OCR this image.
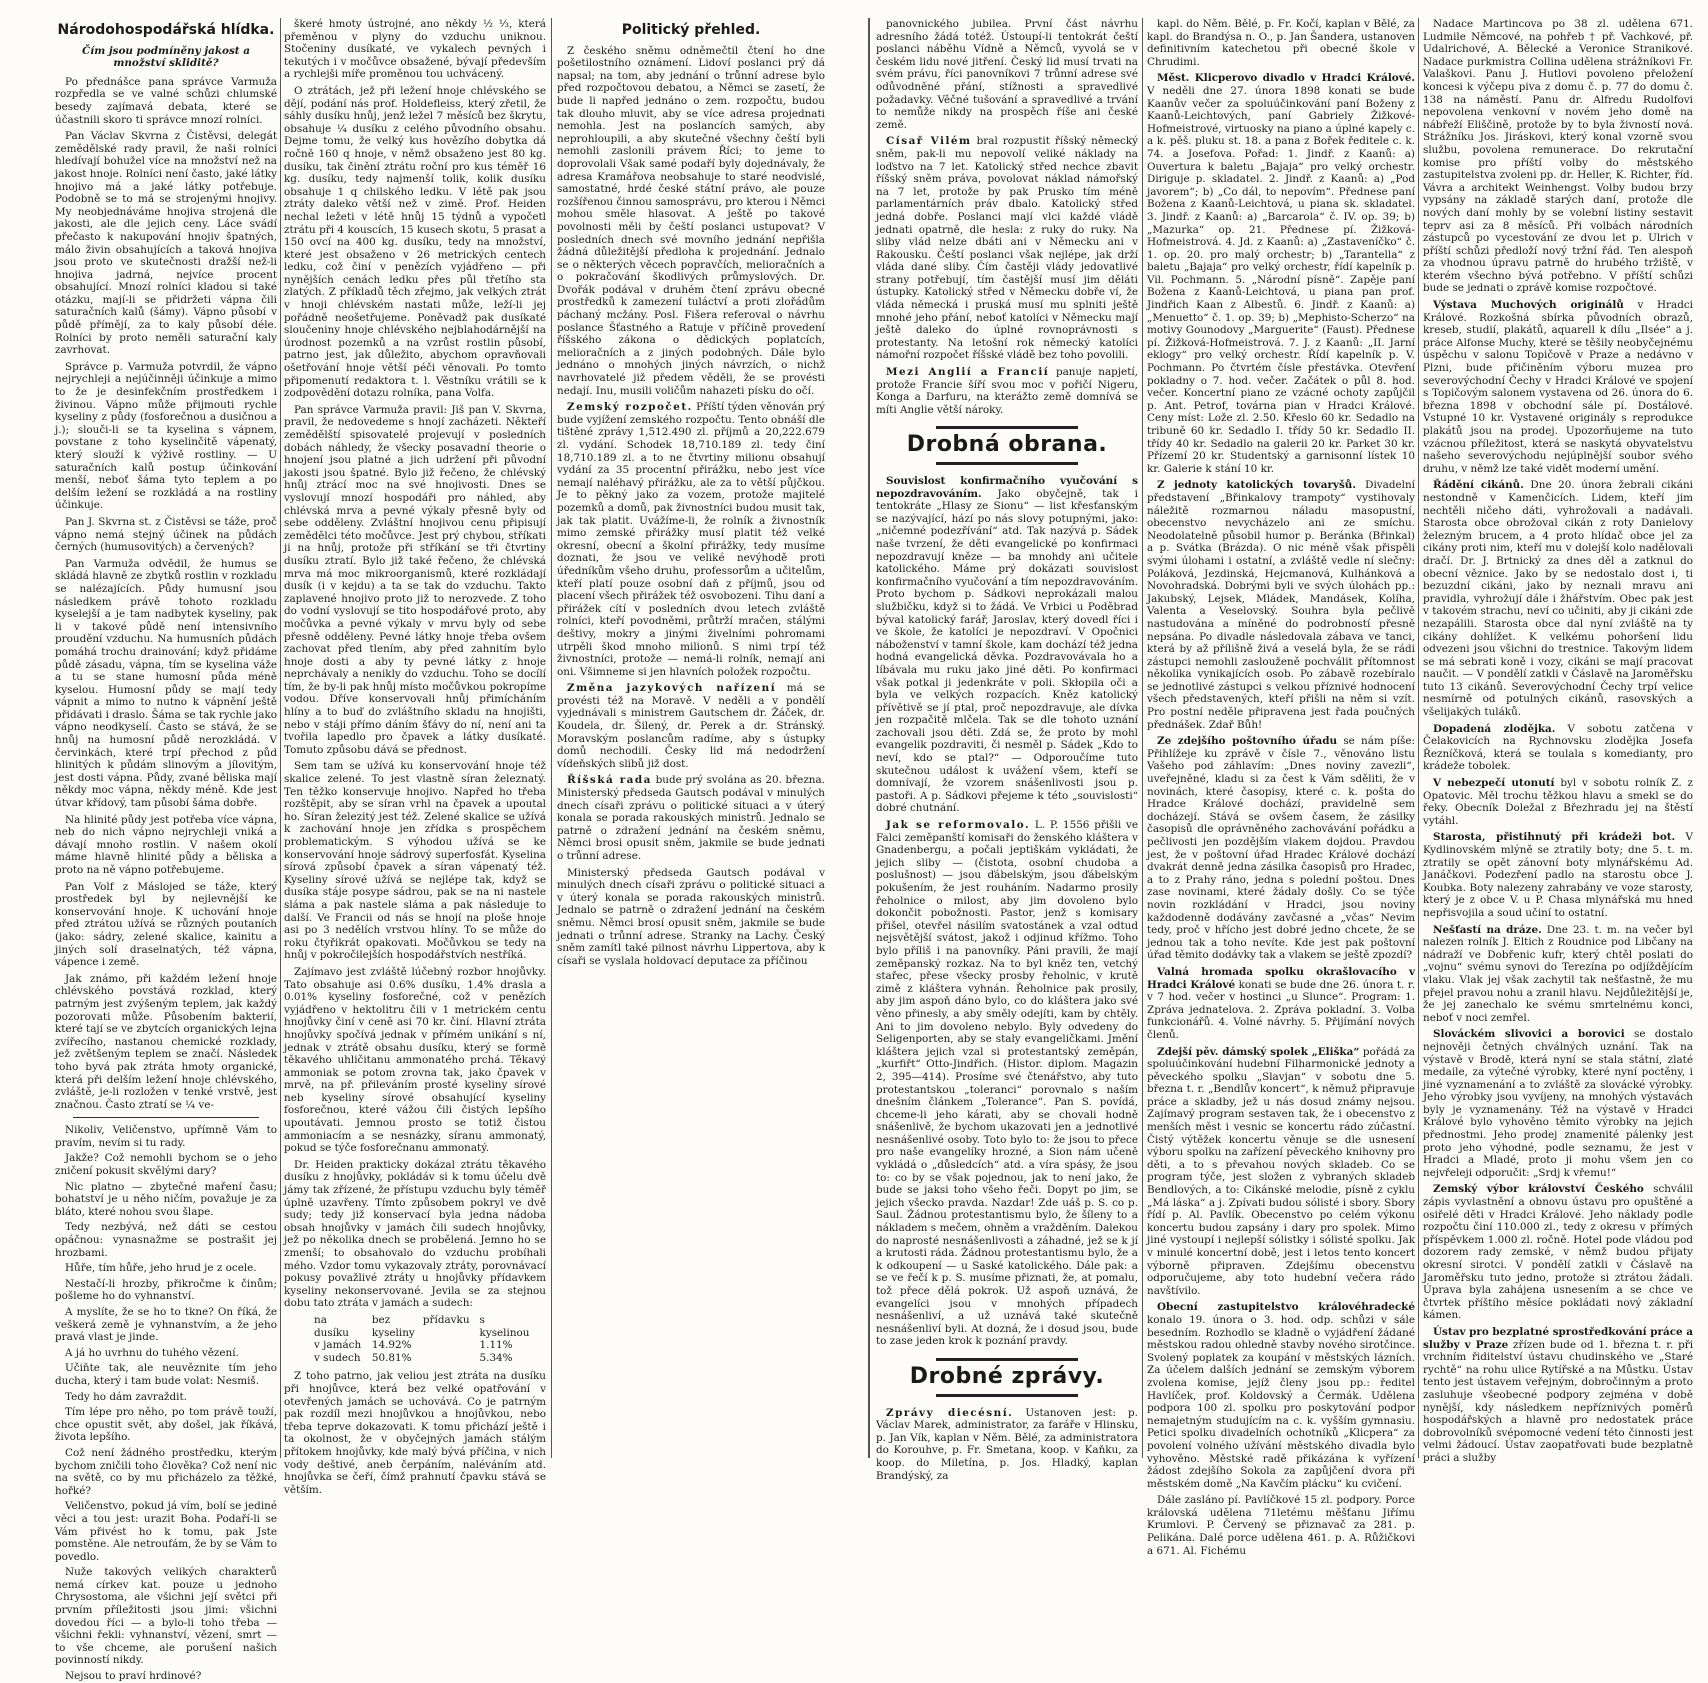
Národohospodářská hlídka.
Čím jsou podmíněny jakost a množství skliditě?

Po přednášce pana správce Varmuža rozpředla se ve valné schůzi chlumské besedy zajímavá debata, které se účastnili skoro ti správce mnozí rolníci.

Pan Václav Skvrna z Čistěvsi, delegát zemědělské rady pravil, že naši rolníci hledívají bohužel více na množství než na jakost hnoje. Rolníci není často, jaké látky hnojivo má a jaké látky potřebuje. Podobně se to má se strojenými hnojivy. My neobjednáváme hnojiva strojená dle jakosti, ale dle jejich ceny. Láce svádí přečasto k nakupování hnojiv špatných, málo živin obsahujících a taková hnojiva jsou proto ve skutečnosti dražší než-li hnojiva jadrná, nejvíce procent obsahující. Mnozí rolníci kladou si také otázku, mají-li se přidržeti vápna čili saturačních kalů (šámy). Vápno působí v půdě přímějí, za to kaly působí déle. Rolníci by proto neměli saturační kaly zavrhovat.

Správce p. Varmuža potvrdil, že vápno nejrychleji a nejúčinněji účinkuje a mimo to že je desinfekčním prostředkem i živinou. Vápno může přijmouti rychle kyseliny z půdy (fosforečnou a dusičnou a j.); slouči-li se ta kyselina s vápnem, povstane z toho kyselinčitě vápenatý, který slouží k výživě rostliny. — U saturačních kalů postup účinkování menší, neboť šáma tyto teplem a po delším ležení se rozkládá a na rostliny účinkuje.

Pan J. Skvrna st. z Čistěvsi se táže, proč vápno nemá stejný účinek na půdách černých (humusovitých) a červených?

Pan Varmuža odvědil, že humus se skládá hlavně ze zbytků rostlin v rozkladu se nalézajících. Půdy humusní jsou následkem právě tohoto rozkladu kyselejší a je tam nadbytek kyseliny, pak li v takové půdě není intensivního proudění vzduchu. Na humusních půdách pomáhá trochu drainování; když přidáme půdě zásadu, vápna, tím se kyselina váže a tu se stane humosní půda méně kyselou. Humosní půdy se mají tedy vápnit a mimo to nutno k vápnění ještě přidávati i draslo. Šáma se tak rychle jako vápno neodkyselí. Často se stává, že se hnůj na humosní půdě nerozkládá. V červinkách, které trpí přechod z půd hlinitých k půdám slinovým a jílovitým, jest dosti vápna. Půdy, zvané běliska mají někdy moc vápna, někdy méně. Kde jest útvar křídový, tam působí šáma dobře.

Na hlinité půdy jest potřeba více vápna, neb do nich vápno nejrychleji vniká a dávají mnoho rostlin. V našem okolí máme hlavně hlinité půdy a běliska a proto na ně vápno potřebujeme.

Pan Volf z Máslojed se táže, který prostředek byl by nejlevnější ke konservování hnoje. K uchování hnoje před ztrátou užívá se různých poutaních (jako: sádry, zelené skalice, kainitu a jiných solí draselnatých, též vápna, vápence i země.

Jak známo, při každém ležení hnoje chlévského povstává rozklad, který patrným jest zvýšeným teplem, jak každý pozorovati může. Působením bakterií, které tají se ve zbytcích organických lejna zvířecího, nastanou chemické rozklady, jež zvětšeným teplem se značí. Následek toho byvá pak ztráta hmoty organické, která při delším ležení hnoje chlévského, zvláště, je-li rozložen v tenké vrstvě, jest značnou. Často ztratí se ¼ ve-

Nikoliv, Veličenstvo, upřímně Vám to pravím, nevím si tu rady.

Jakže? Což nemohli bychom se o jeho zničení pokusit skvělými dary?

Nic platno — zbytečné maření času; bohatství je u něho ničím, považuje je za bláto, které nohou svou šlape.

Tedy nezbývá, než dáti se cestou opáčnou: vynasnažme se postrašit jej hrozbami.

Hůře, tím hůře, jeho hrud je z ocele.

Nestačí-li hrozby, přikročme k činům; pošleme ho do vyhnanství.

A myslíte, že se ho to tkne? On říká, že veškerá země je vyhnanstvím, a že jeho pravá vlast je jinde.

A já ho uvrhnu do tuhého vězení.

Učiňte tak, ale neuvěznite tím jeho ducha, který i tam bude volat: Nesmiš.

Tedy ho dám zavraždit.

Tím lépe pro něho, po tom právě touží, chce opustit svět, aby došel, jak říkává, života lepšího.

Což není žádného prostředku, kterým bychom zničili toho člověka? Což není nic na světě, co by mu přicházelo za těžké, hořké?

Veličenstvo, pokud já vím, bolí se jediné věci a tou jest: urazit Boha. Podaří-li se Vám přivést ho k tomu, pak Jste pomstěne. Ale netroufám, že by se Vám to povedlo.

Nuže takových velikých charakterů nemá církev kat. pouze u jednoho Chrysostoma, ale všichni její světci při prvním příležitosti jsou jimi: všichni dovedou říci — a bylo-li toho třeba — všichni řekli: vyhnanství, vězení, smrt — to vše chceme, ale porušení našich povinností nikdy.

Nejsou to praví hrdinové?

škeré hmoty ústrojné, ano někdy ½ ⅓, která přeměnou v plyny do vzduchu uniknou. Stočeniny dusíkaté, ve vykalech pevných i tekutých i v močůvce obsažené, bývají především a rychlejši míře proměnou tou uchvácený.

O ztrátách, jež při ležení hnoje chlévského se dějí, podání nás prof. Holdefleiss, který zřetil, že sáhly dusíku hnůj, jenž ležel 7 měsíců bez škrytu, obsahuje ¼ dusíku z celého původního obsahu. Dejme tomu, že velký kus hovězího dobytka dá ročně 160 q hnoje, v němž obsaženo jest 80 kg. dusíku, tak činění ztrátu roční pro kus téměř 16 kg. dusíku, tedy najmenší tolik, kolik dusíku obsahuje 1 q chilského ledku. V létě pak jsou ztráty daleko větší než v zimě. Prof. Heiden nechal ležeti v létě hnůj 15 týdnů a vypočetl ztrátu při 4 kouscích, 15 kusech skotu, 5 prasat a 150 ovcí na 400 kg. dusíku, tedy na množství, které jest obsaženo v 26 metrických centech ledku, což činí v penězích vyjádřeno — při nynějších cenách ledku přes půl třetího sta zlatých. Z příkladů těch zřejmo, jak velkých ztrát v hnoji chlévském nastati může, leží-li jej pořádně neošetřujeme. Poněvadž pak dusíkaté sloučeniny hnoje chlévského nejblahodárnější na úrodnost pozemků a na vzrůst rostlin působí, patrno jest, jak důležito, abychom opravňovali ošetřování hnoje větší péči věnovali. Po tomto připomenutí redaktora t. l. Věstníku vrátili se k zodpovědění dotazu rolníka, pana Volfa.

Pan správce Varmuža pravil: Jiš pan V. Skvrna, pravil, že nedovedeme s hnojí zacházeti. Někteří zemědělští spisovatelé projevují v posledních dobách náhledy, že všecky posavadní theorie o hnojení jsou platné a jich udržení při původní jakosti jsou špatné. Bylo již řečeno, že chlévský hnůj ztrácí moc na své hnojivosti. Dnes se vyslovují mnozí hospodáři pro náhled, aby chlévská mrva a pevné výkaly přesně byly od sebe odděleny. Zvláštní hnojivou cenu připisují zemědělci této močůvce. Jest prý chybou, stříkati ji na hnůj, protože při stříkání se tři čtvrtiny dusíku ztratí. Bylo již také řečeno, že chlévská mrva má moc mikroorganismů, které rozkládají dusík (i v kejdu) a ta se tak do vzduchu. Takto zaplavené hnojivo proto již to nerozvede. Z toho do vodní vyslovují se tito hospodářové proto, aby močůvka a pevné výkaly v mrvu byly od sebe přesně odděleny. Pevné látky hnoje třeba ovšem zachovat před tlením, aby před zahnitím bylo hnoje dosti a aby ty pevné látky z hnoje neprchávaly a nenikly do vzduchu. Toho se docílí tím, že by-li pak hnůj místo močůvkou pokropíme vodou. Dříve konservovali hnůj přimícháním hlíny a to buď do zvláštního skladu na hnojišti, nebo v stáji přímo dáním šťávy do ní, není ani ta tvořila lapedlo pro čpavek a látky dusíkaté. Tomuto způsobu dává se přednost.

Sem tam se užívá ku konservování hnoje též skalice zelené. To jest vlastně síran železnatý. Ten těžko konservuje hnojivo. Napřed ho třeba rozštěpit, aby se síran vrhl na čpavek a upoutal ho. Síran železitý jest též. Zelené skalice se užívá k zachování hnoje jen zřídka s prospěchem problematickým. S výhodou užívá se ke konservování hnoje sádrový superfosfát. Kyselina sírová způsobí čpavek a síran vápenatý též. Kyseliny sírové užívá se nejlépe tak, když se dusíka stáje posype sádrou, pak se na ni nastele sláma a pak nastele sláma a pak následuje to další. Ve Francii od nás se hnojí na ploše hnoje asi po 3 nedělích vrstvou hlíny. To se může do roku čtyřikrát opakovati. Močůvkou se tedy na hnůj v pokročilejších hospodářstvích nestříká.

Zajímavo jest zvláště lúčebný rozbor hnojůvky. Tato obsahuje asi 0.6% dusíku, 1.4% drasla a 0.01% kyseliny fosforečné, což v penězích vyjádřeno v hektolitru čili v 1 metrickém centu hnojůvky činí v ceně asi 70 kr. činí. Hlavní ztráta hnojůvky spočívá jednak v přímém unikání s ní, jednak v ztrátě obsahu dusíku, který se formě těkavého uhličitanu ammonatého prchá. Těkavý ammoniak se potom zrovna tak, jako čpavek v mrvě, na př. přileváním prosté kyseliny sírové neb kyseliny sírové obsahující kyseliny fosforečnou, které vážou čili čistých lepšího upoutávati. Jemnou prosto se totiž čistou ammoniacím a se nesnázky, síranu ammonatý, pokud se týče fosforečnanu ammonatý.

Dr. Heiden prakticky dokázal ztrátu těkavého dusíku z hnojůvky, pokládáv si k tomu účelu dvě jámy tak zřízené, že přístupu vzduchu byly téměř úplně uzavřeny. Tímto způsobem pokryl ve dvě sudy; tedy již konservací byla jedna nádoba obsah hnojůvky v jamách čili sudech hnojůvky, jež po několika dnech se probělená. Jemno ho se zmenší; to obsahovalo do vzduchu probíhali mého. Vzdor tomu vykazovaly ztráty, porovnávací pokusy považlivé ztráty u hnojůvky přídavkem kyseliny nekonservované. Jevila se za stejnou dobu tato ztráta v jamách a sudech:

na dusíku	bez přídavku kyseliny	s kyselinou
v jamách	14.92%	1.11%
v sudech	50.81%	5.34%

Z toho patrno, jak veliou jest ztráta na dusíku při hnojůvce, která bez velké opatřování v otevřených jamách se uchovává. Co je patrným pak rozdíl mezi hnojůvkou a hnojůvkou, nebo třeba teprve dokazovati. K tomu přichází ještě i ta okolnost, že v obyčejných jamách stálým přítokem hnojůvky, kde malý bývá příčina, v nich vody deštivé, aneb čerpáním, naléváním atd. hnojůvka se čeří, čímž prahnutí čpavku stává se větším.

Politický přehled.

Z českého sněmu odněmečtil čtení ho dne pošetilostního oznámení. Lidoví poslanci prý dá napsal; na tom, aby jednání o trůnní adrese bylo před rozpočtovou debatou, a Němci se zasetí, že bude li napřed jednáno o zem. rozpočtu, budou tak dlouho mluvit, aby se více adresa projednati nemohla. Jest na poslancích samých, aby neprohloupili, a aby skutečné všechny čeští byli nemohli zaslonili právem Říci; to jeme to doprovolali Však samé podaří byly dojednávaly, že adresa Kramářova neobsahuje to staré neodvislé, samostatné, hrdé české státní právo, ale pouze rozšířenou činnou samosprávu, pro kterou i Němci mohou směle hlasovat. A ještě po takové povolnosti měli by čeští poslanci ustupovat? V posledních dnech své movního jednání nepřišla žádná důležitější předloha k projednání. Jednalo se o některých věcech popravčích, melioračních a o pokračování škodlivých průmyslových. Dr. Dvořák podával v druhém čtení zprávu obecné prostředků k zamezení tuláctví a proti zlořádům páchaný mcžány. Posl. Fišera referoval o návrhu poslance Šťastného a Ratuje v příčině provedení říšského zákona o dědických poplatcích, melioračních a z jiných podobných. Dále bylo jednáno o mnohých jiných návrzích, o nichž navrhovatelé již předem věděli, že se provésti nedají. Inu, musili voličům nahazeti písku do očí.

Zemský rozpočet. Příští týden věnován prý bude vyjížení zemského rozpočtu. Tento obnáší dle tištěné zprávy 1,512.490 zl. příjmů a 20,222.679 zl. vydání. Schodek 18,710.189 zl. tedy činí 18,710.189 zl. a to ne čtvrtiny milionu obsahují vydání za 35 procentní přirážku, nebo jest více nemají naléhavý přirážku, ale za to větší půjčkou. Je to pěkný jako za vozem, protože majitelé pozemků a domů, pak živnostníci budou musit tak, jak tak platit. Uvážíme-li, že rolník a živnostník mimo zemské přirážky musí platit též velké okresní, obecní a školní přirážky, tedy musíme doznati, že jsou ve veliké nevýhodě proti úředníkům všeho druhu, professorům a učitelům, kteří platí pouze osobní daň z příjmů, jsou od placení všech přirážek též osvobozeni. Tihu daní a přirážek cítí v posledních dvou letech zvláště rolníci, kteří povodněmi, průtrží mračen, stálými deštivy, mokry a jinými živelními pohromami utrpěli škod mnoho milionů. S nimi trpí též živnostníci, protože — nemá-li rolník, nemají ani oni. Všimneme si jen hlavních položek rozpočtu.

Změna jazykových nařízení má se provésti též na Moravě. V neděli a v pondělí vyjednávali s ministrem Gautschem dr. Žáček, dr. Koudela, dr. Šilený, dr. Perek a dr. Stránský. Moravským poslancům radíme, aby s ústupky domů nechodili. Česky lid má nedodržení vídeňských slibů již dost.

Říšská rada bude prý svolána as 20. března. Ministerský předseda Gautsch podával v minulých dnech císaři zprávu o politické situaci a v úterý konala se porada rakouských ministrů. Jednalo se patrně o zdražení jednání na českém sněmu, Němci brosi opusit sněm, jakmile se bude jednati o trůnní adrese.

Ministerský předseda Gautsch podával v minulých dnech císaři zprávu o politické situaci a v úterý konala se porada rakouských ministrů. Jednalo se patrně o zdražení jednání na českém sněmu. Němci brosí opusit sněm, jakmile se bude jednati o trůnní adrese. Stranky na Lachy. Český sněm zamítl také pilnost návrhu Lippertova, aby k císaři se vyslala holdovací deputace za příčinou

panovnického jubilea. První část návrhu adresního žádá totéž. Ústoupí-li tentokrát čeští poslanci náběhu Vídně a Němců, vyvolá se v českém lidu nové jitření. Český lid musí trvati na svém právu, říci panovníkovi 7 trůnní adrese své odůvodněné přání, stížnosti a spravedlivé požadavky. Věčné tušování a spravedlivé a trvání to nemůže nikdy na prospěch říše ani české země.

Císař Vilém bral rozpustit říšský německý sněm, pak-li mu nepovolí veliké náklady na loďstvo na 7 let. Katolický střed nechce zbavit říšský sněm práva, povolovat náklad námořský na 7 let, protože by pak Prusko tím méně parlamentárních práv dbalo. Katolický střed jedná dobře. Poslanci mají vlci každé vládě jednati opatrně, dle hesla: z ruky do ruky. Na sliby vlád nelze dbáti ani v Německu ani v Rakousku. Čeští poslanci však nejlépe, jak drží vláda dané sliby. Čím častěji vlády jedovatlivé strany potřebují, tím častější musí jim děláti ústupky. Katolický střed v Německu dobře ví, že vláda německá i pruská musí mu splniti ještě mnohé jeho přání, neboť katolíci v Německu mají ještě daleko do úplné rovnoprávnosti s protestanty. Na letošní rok německý katolíci námořní rozpočet říšské vládě bez toho povolili.

Mezi Anglií a Francií panuje napjetí, protože Francie šíří svou moc v pořičí Nigeru, Konga a Darfuru, na kterážto země domnívá se míti Anglie větší nároky.

Drobná obrana.

Souvislost konfirmačního vyučování s nepozdravováním. Jako obyčejně, tak i tentokráte „Hlasy ze Sionu“ — list křesťanským se nazývající, hází po nás slovy potupnými, jako: „ničemné podezřívání“ atd. Tak nazývá p. Sádek naše tvrzení, že děti evangelické po konfirmaci nepozdravují kněze — ba mnohdy ani učitele katolického. Máme prý dokázati souvislost konfirmačního vyučování a tím nepozdravováním. Proto bychom p. Sádkovi neprokázali malou službičku, když si to žádá. Ve Vrbici u Poděbrad býval katolický farář, Jaroslav, který dovedl říci i ve škole, že katolíci je nepozdraví. V Opočnici náboženství v tamní škole, kam dochází též jedna hodná evangelická děvka. Pozdravovávala ho a líbávala mu ruku jako jiné děti. Po konfirmaci však potkal ji jedenkráte v poli. Skłopila oči a byla ve velkých rozpacích. Kněz katolický přívětivě se jí ptal, proč nepozdravuje, ale dívka jen rozpačitě mlčela. Tak se dle tohoto uznání zachovali jsou děti. Zdá se, že proto by mohl evangelik pozdraviti, či nesměl p. Sádek „Kdo to neví, kdo se ptal?“ — Odporoučíme tuto skutečnou událost k uvážení všem, kteří se domnívají, že vzorem snášenlivosti jsou p. pastoři. A p. Sádkovi přejeme k této „souvislosti“ dobré chutnání.

Jak se reformovalo. L. P. 1556 přišli ve Falci zeměpanští komisaři do ženského kláštera v Gnadenbergu, a počali jeptiškám vykládati, že jejich sliby — (čistota, osobní chudoba a poslušnost) — jsou ďábelským, jsou ďábelským pokušením, že jest rouháním. Nadarmo prosily řeholnice o milost, aby jim dovoleno bylo dokončit pobožnosti. Pastor, jenž s komisary přišel, otevřel násilím svatostánek a vzal odtud nejsvětější svátost, jakož i odjinud křížmo. Toho bylo příliš i na panovníky. Páni pravili, že mají zeměpanský rozkaz. Na to byl kněz ten, vetchý stařec, přese všecky prosby řeholnic, v krutě zimě z kláštera vyhnán. Řeholnice pak prosily, aby jim aspoň dáno bylo, co do kláštera jako své věno přinesly, a aby směly odejíti, kam by chtěly. Ani to jim dovoleno nebylo. Byly odvedeny do Seligenporten, aby se staly evangeličkami. Jmění kláštera jejich vzal si protestantský zeměpán, „kurfiřt“ Otto-Jindřich. (Histor. diplom. Magazin 2, 395—414). Prosíme své čtenářstvo, aby tuto protestantskou „toleranci“ porovnalo s naším dnešním článkem „Tolerance“. Pan S. povídá, chceme-li jeho kárati, aby se chovali hodně snášenlivě, že bychom ukazovati jen a jednotlivé nesnášenlivé osoby. Toto bylo to: že jsou to přece pro naše evangelíky hrozné, a Sion nám učeně vykládá o „důsledcích“ atd. a víra spásy, že jsou to: co by se však pojednou, jak to není jako, že bude se jaksi toho všeho řeči. Dopyt po jim, se jejich všecko pravda. Nazdar! Zde uáš p. S. co p. Saul. Žádnou protestantismu bylo, že šíleny to a nákladem s mečem, ohněm a vražděním. Dalekou do naprosté nesnášenlivosti a záhadné, jež se k jí a krutosti ráda. Žádnou protestantismu bylo, že a k odkoupení — u Saské katolického. Dále pak: a se ve řečí k p. S. musíme přiznati, že, at pomalu, tož přece dělá pokrok. Už aspoň uznává, že evangelíci jsou v mnohých případech nesnášenliví, a už uznává také skutečně nesnášenliví byli. At dozná, že i dosud jsou, bude to zase jeden krok k poznání pravdy.

Drobné zprávy.

Zprávy diecésní. Ustanoven jest: p. Václav Marek, administrator, za faráře v Hlinsku, p. Jan Vík, kaplan v Něm. Bělé, za administratora do Korouhve, p. Fr. Smetana, koop. v Kaňku, za koop. do Miletína, p. Jos. Hladký, kaplan Brandýský, za

kapl. do Něm. Bělé, p. Fr. Kočí, kaplan v Bělé, za kapl. do Brandýsa n. O., p. Jan Šandera, ustanoven definitivním katechetou při obecné škole v Chrudimi.

Měst. Klicperovo divadlo v Hradci Králové. V neděli dne 27. února 1898 konati se bude Kaanův večer za spoluúčinkování paní Boženy z Kaanů-Leichtových, paní Gabriely Žižkové-Hofmeistrové, virtuosky na piano a úplné kapely c. a k. pěš. pluku st. 18. a pana z Bořek ředitele c. k. 74. a Josefova. Pořad: 1. Jindř. z Kaanů: a) Ouvertura k baletu „Bajaja“ pro velký orchestr. Diriguje p. skladatel. 2. Jindř. z Kaanů: a) „Pod javorem“; b) „Co dál, to nepovím“. Přednese paní Božena z Kaanů-Leichtová, u piana sk. skladatel. 3. Jindř. z Kaanů: a) „Barcarola“ č. IV. op. 39; b) „Mazurka“ op. 21. Přednese pí. Žižková-Hofmeistrová. 4. Jd. z Kaanů: a) „Zastaveníčko“ č. 1. op. 20. pro malý orchestr; b) „Tarantella“ z baletu „Bajaja“ pro velký orchestr, řídí kapelník p. Vil. Pochmann. 5. „Národní písně“. Zapěje paní Božena z Kaanů-Leichtová, u piana pan prof. Jindřich Kaan z Albestů. 6. Jindř. z Kaanů: a) „Menuetto“ č. 1. op. 39; b) „Mephisto-Scherzo“ na motivy Gounodovy „Marguerite“ (Faust). Přednese pí. Žižková-Hofmeistrová. 7. J. z Kaanů: „II. Jarní eklogy“ pro velký orchestr. Řídí kapelník p. V. Pochmann. Po čtvrtém čísle přestávka. Otevření pokladny o 7. hod. večer. Začátek o půl 8. hod. večer. Koncertní piano ze vzácné ochoty zapůjčil p. Ant. Petrof, továrna pian v Hradci Králové. Ceny míst: Lože zl. 2.50. Křeslo 60 kr. Sedadlo na tribuně 60 kr. Sedadlo I. třídy 50 kr. Sedadlo II. třídy 40 kr. Sedadlo na galerii 20 kr. Parket 30 kr. Přízemí 20 kr. Studentský a garnisonní lístek 10 kr. Galerie k stání 10 kr.

Z jednoty katolických tovaryšů. Divadelní představení „Břinkalovy trampoty“ vystihovaly náležitě rozmarnou náladu masopustní, obecenstvo nevycházelo ani ze smíchu. Neodolatelně působil humor p. Beránka (Břinkal) a p. Svátka (Brázda). O nic méně však přispěli svými úlohami i ostatní, a zvláště vedle ní slečny: Poláková, Jezdinská, Hejcmanová, Kulhánková a Novohradská. Dobrými byli ve svých úlohách pp.: Jakubský, Lejsek, Mládek, Mandásek, Kolíha, Valenta a Veselovský. Souhra byla pečlivě nastudována a míněné do podrobností přesně nepsána. Po divadle následovala zábava ve tanci, která by až přílišně živá a veselá byla, že se rádi zástupci nemohli zaslouženě pochválit přítomnost několika vynikajících osob. Po zábavě rozebíralo se jednotlivé zástupci s velkou příznivé hodnocení všech představených, kteří přišli na něm si vzít. Pro postní neděle připravena jest řada poučných přednášek. Zdař Bůh!

Ze zdejšího poštovního úřadu se nám píše: Přihlížeje ku zprávě v čísle 7., věnováno listu Vašeho pod záhlavím: „Dnes noviny zavezli“, uveřejněné, kladu si za čest k Vám sděliti, že v novinách, které časopisy, které c. k. pošta do Hradce Králové dochází, pravidelně sem docházejí. Stává se ovšem časem, že zásilky časopisů dle oprávněného zachovávání pořádku a pečlivosti jen pozdějším vlakem dojdou. Pravdou jest, že v poštovní úřad Hradec Králové dochází dvakrát denně jedna zásilka časopisů pro Hradec, a to z Prahy ráno, jedna s polední poštou. Dnes zase novinami, které žádaly došly. Co se týče novin rozkládání v Hradci, jsou noviny každodenně dodávány zavčasné a „včas“ Nevim tedy, proč v hřícho jest dobré jedno chcete, že se jednou tak a toho nevíte. Kde jest pak poštovní úřad těmito dodávky tak a vlakem se ještě zpozdí?

Valná hromada spolku okrašlovacího v Hradci Králové konati se bude dne 26. února t. r. v 7 hod. večer v hostinci „u Slunce“. Program: 1. Zpráva jednatelova. 2. Zpráva pokladní. 3. Volba funkcionářů. 4. Volné návrhy. 5. Přijímání nových členů.

Zdejší pěv. dámský spolek „Eliška“ pořádá za spoluúčinkování hudební Filharmonické jednoty a pěveckého spolku „Slavjan“ v sobotu dne 5. března t. r. „Bendlův koncert“, k němuž připravuje práce a skladby, jež u nás dosud známy nejsou. Zajímavý program sestaven tak, že i obecenstvo z menších měst i vesnic se koncertu rádo zúčastní. Čistý výtěžek koncertu věnuje se dle usnesení výboru spolku na zařízení pěveckého knihovny pro děti, a to s převahou nových skladeb. Co se program týče, jest složen z vybraných skladeb Bendlových, a to: Cikánské melodie, písně z cyklu „Má láska“ a j. Zpívati budou sólisté i sbory. Sbory řídí p. Al. Pavlík. Obecenstvo po celém výkonu koncertu budou zapsány i dary pro spolek. Mimo jiné vystoupí i nejlepší sólistky i sólisté spolku. Jak v minulé koncertní době, jest i letos tento koncert výborně připraven. Zdejšímu obecenstvu odporučujeme, aby toto hudební večera rádo navštívilo.

Obecní zastupitelstvo královéhradecké konalo 19. února o 3. hod. odp. schůzi v sále besedním. Rozhodlo se kladně o vyjádření žádané městskou radou ohledně stavby nového sirotčince. Svolený poplatek za koupání v městských lázních. Za účelem dalších jednání se zemským výborem zvolena komise, jejíž členy jsou pp.: ředitel Havlíček, prof. Koldovský a Čermák. Udělena podpora 100 zl. spolku pro poskytování podpor nemajetným studujícím na c. k. vyšším gymnasiu. Petici spolku divadelních ochotníků „Klicpera“ za povolení volného užívání městského divadla bylo vyhověno. Městské radě přikázána k vyřízení žádost zdejšího Sokola za zapůjčení dvora při městském domě „Na Kavčím plácku“ ku cvičení.

Dále zasláno pí. Pavlíčkové 15 zl. podpory. Porce královská udělena 71letému měšťanu Jiřímu Krumlovi. P. Červený se přiznavač za 281. p. Pelikána. Dalé porce udělena 461. p. A. Růžičkovi a 671. Al. Fichému

Nadace Martincova po 38 zl. udělena 671. Ludmile Němcové, na pohřeb † př. Vachkové, př. Udalrichové, A. Bělecké a Veronice Stranikové. Nadace purkmistra Collina udělena strážníkovi Fr. Valaškovi. Panu J. Hutlovi povoleno přeložení koncesi k výčepu piva z domu č. p. 77 do domu č. 138 na náměstí. Panu dr. Alfredu Rudolfovi nepovolena venkovní v novém jeho domě na nábřeží Eliščině, protože by to byla živností nová. Strážníku Jos. Jiráskovi, který konal vzorně svou službu, povolena remunerace. Do rekrutační komise pro příští volby do městského zastupitelstva zvoleni pp. dr. Heller, K. Richter, říd. Vávra a architekt Weinhengst. Volby budou brzy vypsány na základě starých daní, protože dle nových daní mohly by se volební listiny sestavit teprv asi za 8 měsíců. Při volbách národních zástupců po vycestování ze dvou let p. Ulrich v příští schůzi předloží nový tržní řád. Ten alespoň za vhodnou úpravu patrně do hrubého tržiště, v kterém všechno bývá potřebno. V příští schůzi bude se jednati o zprávě komise rozpočtové.

Výstava Muchových originálů v Hradci Králové. Rozkošná sbírka původních obrazů, kreseb, studií, plakátů, aquarell k dílu „Ilsée“ a j. práce Alfonse Muchy, které se těšily neobyčejnému úspěchu v salonu Topičově v Praze a nedávno v Plzni, bude přičiněním výboru muzea pro severovýchodní Čechy v Hradci Králové ve spojení s Topičovým salonem vystavena od 26. února do 6. března 1898 v obchodní sále pí. Dostálové. Vstupné 10 kr. Vystavené originály s reprodukce plakátů jsou na prodej. Upozorňujeme na tuto vzácnou příležitost, která se naskytá obyvatelstvu našeho severovýchodu nejúplnější soubor svého druhu, v němž lze také vidět moderní umění.

Řádění cikánů. Dne 20. února žebrali cikáni nestondně v Kamenčicích. Lidem, kteří jim nechtěli ničeho dáti, vyhrožovali a nadávali. Starosta obce obrožoval cikán z roty Danielovy železným brucem, a 4 proto hlídač obce jel za cikány proti nim, kteří mu v dolejší kolo nadělovali dračí. Dr. J. Brtnický za dnes děl a zatknul do obecní věznice. Jako by se nedostalo dost i, ti bezuzdní cikáni, jako by neznali mravu ani pravidla, vyhrožují dále i žhářstvím. Obec pak jest v takovém strachu, neví co učiniti, aby ji cikáni zde nezapálili. Starosta obce dal nyní zvláště na ty cikány dohlížet. K velkému pohoršení lidu odvezeni jsou všichni do trestnice. Takovým lidem se má sebrati koně i vozy, cikáni se mají pracovat naučit. — V pondělí zatkli v Čáslavě na Jaroměřsku tuto 13 cikánů. Severovýchodní Čechy trpí velice nesmírně od potulných cikánů, rasovských a všelijakých tuláků.

Dopadená zlodějka. V sobotu zatčena v Čelakovicích na Rychnovsku zlodějka Josefa Řezníčková, která se toulala s komedianty, pro krádeže tobolek.

V nebezpečí utonutí byl v sobotu rolník Z. z Opatovic. Měl trochu těžkou hlavu a smekl se do řeky. Obecník Doležal z Březhradu jej na štěstí vytáhl.

Starosta, přistihnutý při krádeži bot. V Kydlinovském mlýně se ztratily boty; dne 5. t. m. ztratily se opět zánovní boty mlynářskému Ad. Janáčkovi. Podezření padlo na starostu obce J. Koubka. Boty nalezeny zahrabány ve voze starosty, který je z obce V. u P. Chasa mlynářská mu hned nepřisvojila a soud učiní to ostatní.

Nešťastí na dráze. Dne 23. t. m. na večer byl nalezen rolník J. Eltich z Roudnice pod Libčany na nádraží ve Dobřenic kufr, který chtěl poslati do „vojnu“ svému synovi do Terezína po odjíždějícím vlaku. Vlak jej však zachytil tak nešťastně, že mu přejel pravou nohu a zranil hlavu. Nejdůležitější je, že jej zanechalo ke svému smrtelnému konci, neboť v noci zemřel.

Slováckém slivovici a borovici se dostalo nejnověji četných chválných uznání. Tak na výstavě v Brodě, která nyní se stala státní, zlaté medaile, za výtečné výrobky, které nyní poctěny, i jiné vyznamenání a to zvláště za slovácké výrobky. Jeho výrobky jsou vyvíjeny, na mnohých výstavách byly je vyznamenány. Též na výstavě v Hradci Králové bylo vyhověno těmito výrobky na jejich přednostmi. Jeho prodej znamenité pálenky jest proto jeho výhodné, podle seznamu, že jest v Hradci a Mladé, proto ji mohu všem jen co nejvřeleji odporučit: „Srdj k vřemu!“

Zemský výbor království Českého schválil zápis vyvlastnění a obnovu ústavu pro opuštěné a osiřelé děti v Hradci Králové. Jeho náklady podle rozpočtu činí 110.000 zl., tedy z okresu v přímých příspěvkem 1.000 zl. ročně. Hotel pode vládou pod dozorem rady zemské, v němž budou přijaty okresní sirotci. V pondělí zatkli v Čáslavě na Jaroměřsku tuto jedno, protože si ztrátou žádali. Úprava byla zahájena usnesením a se chce ve čtvrtek příštího měsíce pokládati nový základní kámen.

Ústav pro bezplatné sprostředkování práce a služby v Praze zřízen bude od 1. března t. r. při vrchním řiditelství ústavu chudinského ve „Staré rychtě“ na rohu ulice Rytířské a na Můstku. Ústav tento jest ústavem veřejným, dobročinným a proto zasluhuje všeobecné podpory zejména v době nynější, kdy následkem nepříznivých poměrů hospodářských a hlavně pro nedostatek práce dobrovolníků svépomocné vedení této činnosti jest velmi žádoucí. Ústav zaopatřovati bude bezplatně práci a služby
